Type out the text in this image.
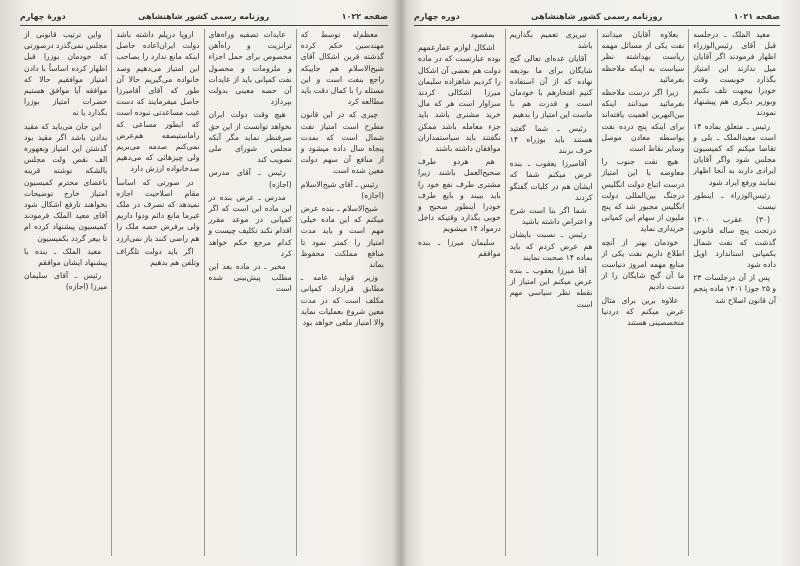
صفحه ۱۰۲۲
روزنامه رسمی کشور شاهنشاهی
دورهٔ چهارم

معظم‌له توسط که مهندسین حکم کرده گذشته قرین اشکال آقای شیخ‌الاسلام هم جاییکه راجع بنفت است و این مسئله را با کمال دقت باید مطالعه کرد

چیزی که در این قانون مطرح است امتیاز نفت شمال است که بمدت پنجاه سال داده میشود و از منافع آن سهم دولت معین شده است

رئیس ـ آقای شیخ‌الاسلام (اجازه)

شیخ‌الاسلام ـ بنده عرض میکنم که این ماده خیلی مهم است و باید مدت امتیاز را کمتر نمود تا منافع مملکت محفوظ بماند

وزیر فواید عامه ـ مطابق قرارداد کمپانی مکلف است که در مدت معین شروع بعملیات نماید والا امتیاز ملغی خواهد بود

عایدات تصفیه وراه‌های ترانزیت و راه‌آهن مخصوص برای حمل اجزاء و ملزومات و محصول نفت کمپانی باید از عایدات آن حصه معینی بدولت بپردازد

هیچ وقت دولت ایران نخواهد توانست از این حق صرفنظر نماید مگر آنکه مجلس شورای ملی تصویب کند

رئیس ـ آقای مدرس (اجازه)

مدرس ـ عرض بنده در این ماده این است که اگر کمپانی در موعد مقرر اقدام نکند تکلیف چیست و کدام مرجع حکم خواهد کرد

مخبر ـ در ماده بعد این مطلب پیش‌بینی شده است

اروپا درپلم داشته باشد دولت ایران‌اعاده حاصل اینکه مانع ندارد را بصاحب این امتیاز می‌دهیم وصد خانواده می‌گیریم حالا آن طور که آقای آقامیرزا حاصل میفرمایند که دست غیب مساعدتی نبوده است که ابطور مساعی که را‌ماستیصفه هم‌عرض نمی‌کنم صدمه می‌بریم ولی چیزهائی که می‌دهیم صدخانواده ارزش دارد

در صورتی که اساساً مقام اصلاحیت اجازه نمیدهد که تصرف در ملک غیرما مانع دائم ودوا داریم ولی برفرض حصه ملک را هم راضی کنند باز نمی‌ارزد

اگر باید دولت تلگراف وتلفن هم بدهیم

واین ترتیب قانونی از مجلس نمی‌گذرد درصورتی که خودمان بوزرا قبل اظهار کرده اساساً با دادن امتیاز موافقیم حالا که موافقه آیا موافق هستیم حضرات امتیاز بوزرا بگذارد یا نه

این جان می‌باید که مقید بدادن باشد اگر مقید بود گذشتن این امتیاز وبعهوره الف نقص ولت مجلس بالشکه نوشته قرینه باعضای محترم کمیسیون امتیاز خارج توضیحات بخواهند تارفع اشکال شود آقای معید الملک فرمودند کمیسیون پیشنهاد کرده ام تا بیعر گردد بکمیسیون

معید الملک ـ بنده با پیشنهاد ایشان موافقم

رئیس ـ آقای سلیمان میرزا (اجازه)

صفحه ۱۰۲۱
روزنامه رسمی کشور شاهنشاهی
دوره چهارم

معید الملک ـ درجلسه قبل آقای رئیس‌الوزراء اظهار فرمودند اگر آقایان میل ندارند این امتیاز بگذارد خوبست وقت خودرا بیجهت تلف نکنیم وبوزیر دیگری هم پیشنهاد نمودند

رئیس ـ متعلق بماده ۱۴ است معیدالملک ـ بلی و تقاضا میکنم که کمیسیون مجلس شود واگر آقایان ایرادی دارند به آنجا اظهار نمایند ورفع ایراد شود

رئیس‌الوزراء ـ اینطور نیست

(۳۰) عقرب ۱۳۰۰ درتحت پنج ساله قانونی گذشت که نفت شمال بکمپانی استاندارد اویل داده شود

پس از آن درجلسات ۲۳ و ۲۵ جوزا ۱۳۰۱ ماده پنجم آن قانون اصلاح شد

بعلاوه آقایان میدانند نفت یکی از مسائل مهمه ریاست بهداشته نظر سیاست به اینکه ملاحظه بفرمائید

زیرا اگر درست ملاحظه بفرمائید میدانند اینکه بین‌النهرین اهمیت یافته‌اند برای اینکه پنج درده نفت بواسطه معادن موصل وسایر نقاط است

هیچ نفت جنوب را معاوضه با این امتیاز درست اتباع دولت انگلیس درجنگ بین‌المللی دولت انگلیس مجبور شد که پنج ملیون از سهام این کمپانی خریداری نماید

خودمان بهتر از آنچه اطلاع داریم نفت یکی از منابع مهمه امروز دنیاست ما آن گنج شایگان را از دست دادیم

علاوه برین برای مثال عرض میکنم که دردنیا متخصصینی هستند

تبریزی تعمیم بگذاریم باشد

آقایان عده‌ای تعالی گنج شایگان برای ما بودیعه نهاده که از آن استفاده کنیم افتخارهم با خودمان است و قدرت هم با ماست این امتیاز را بدهیم

رئیس ـ شما گفتید هستند باید بوزراه ۱۴ حرف بزنند

آقامیرزا یعقوب ـ بنده عرض میکنم شما که ایشان هم در کلیات گفتگو کردند

شما اگر بنا است شرح و اعتراض داشته باشید

رئیس ـ نسبت بایشان هم عرض کردم که باید بماده ۱۴ صحبت نمایند

آقا میرزا یعقوب ـ بنده عرض میکنم این امتیاز از نقطه نظر سیاسی مهم است

بمقصود

اشکال لوازم عمارعمهم بوده عبارتست که در ماده دولت هم بعضی آن اشکال را کردیم شاهزاده سلیمان میرزا اشکالی کردند سزاوار است هر که مال خرید مشتری باشد باید جزء معامله باشد ممکن نگفتند باید سیاستمداران موافقان داشته باشند

هم هردو طرف صحیح‌العمل باشند زیرا مشتری طرف نفع خود را باید ببیند و بایع طرف خودرا اینطور صحیح و خوبی بگذارد وقتیکه داخل درمواد ۱۴ میشویم

سلیمان میرزا ـ بنده موافقم
